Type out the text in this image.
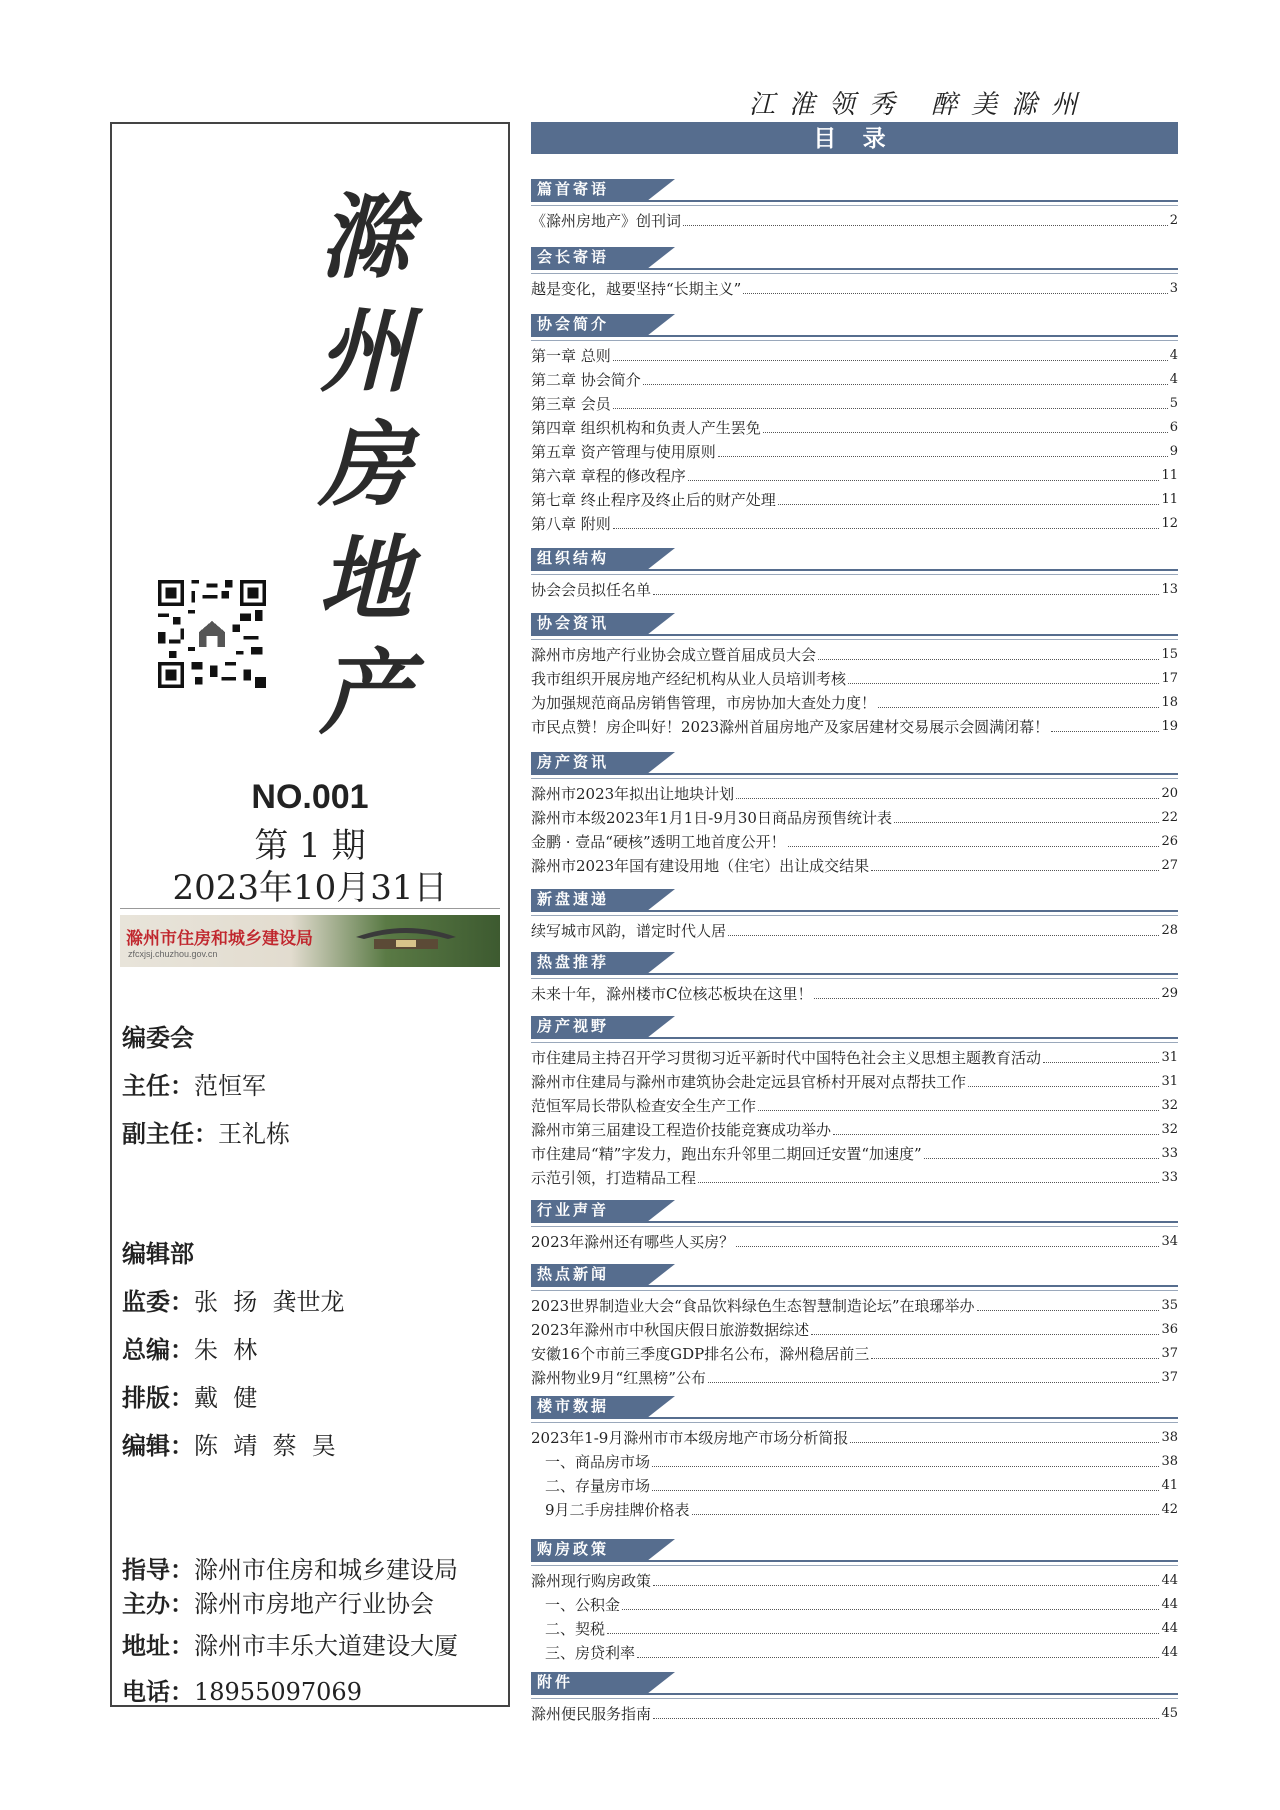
江淮领秀 醉美滁州
滁
州
房
地
产
NO.001
第 1 期
2023年10月31日
滁州市住房和城乡建设局
zfcxjsj.chuzhou.gov.cn
编委会
主任：范恒军
副主任：王礼栋
编辑部
监委：张  扬  龚世龙
总编：朱  林
排版：戴  健
编辑：陈  靖  蔡  昊
指导：滁州市住房和城乡建设局
主办：滁州市房地产行业协会
地址：滁州市丰乐大道建设大厦
电话：18955097069
目 录
篇首寄语
《滁州房地产》创刊词	2
会长寄语
越是变化，越要坚持“长期主义”	3
协会简介
第一章 总则	4
第二章 协会简介	4
第三章 会员	5
第四章 组织机构和负责人产生罢免	6
第五章 资产管理与使用原则	9
第六章 章程的修改程序	11
第七章 终止程序及终止后的财产处理	11
第八章 附则	12
组织结构
协会会员拟任名单	13
协会资讯
滁州市房地产行业协会成立暨首届成员大会	15
我市组织开展房地产经纪机构从业人员培训考核	17
为加强规范商品房销售管理，市房协加大查处力度！	18
市民点赞！房企叫好！2023滁州首届房地产及家居建材交易展示会圆满闭幕！	19
房产资讯
滁州市2023年拟出让地块计划	20
滁州市本级2023年1月1日-9月30日商品房预售统计表	22
金鹏 · 壹品“硬核”透明工地首度公开！	26
滁州市2023年国有建设用地（住宅）出让成交结果	27
新盘速递
续写城市风韵，谱定时代人居	28
热盘推荐
未来十年，滁州楼市C位核芯板块在这里！	29
房产视野
市住建局主持召开学习贯彻习近平新时代中国特色社会主义思想主题教育活动	31
滁州市住建局与滁州市建筑协会赴定远县官桥村开展对点帮扶工作	31
范恒军局长带队检查安全生产工作	32
滁州市第三届建设工程造价技能竞赛成功举办	32
市住建局“精”字发力，跑出东升邻里二期回迁安置“加速度”	33
示范引领，打造精品工程	33
行业声音
2023年滁州还有哪些人买房？	34
热点新闻
2023世界制造业大会“食品饮料绿色生态智慧制造论坛”在琅琊举办	35
2023年滁州市中秋国庆假日旅游数据综述	36
安徽16个市前三季度GDP排名公布，滁州稳居前三	37
滁州物业9月“红黑榜”公布	37
楼市数据
2023年1-9月滁州市市本级房地产市场分析简报	38
一、商品房市场	38
二、存量房市场	41
9月二手房挂牌价格表	42
购房政策
滁州现行购房政策	44
一、公积金	44
二、契税	44
三、房贷利率	44
附件
滁州便民服务指南	45
